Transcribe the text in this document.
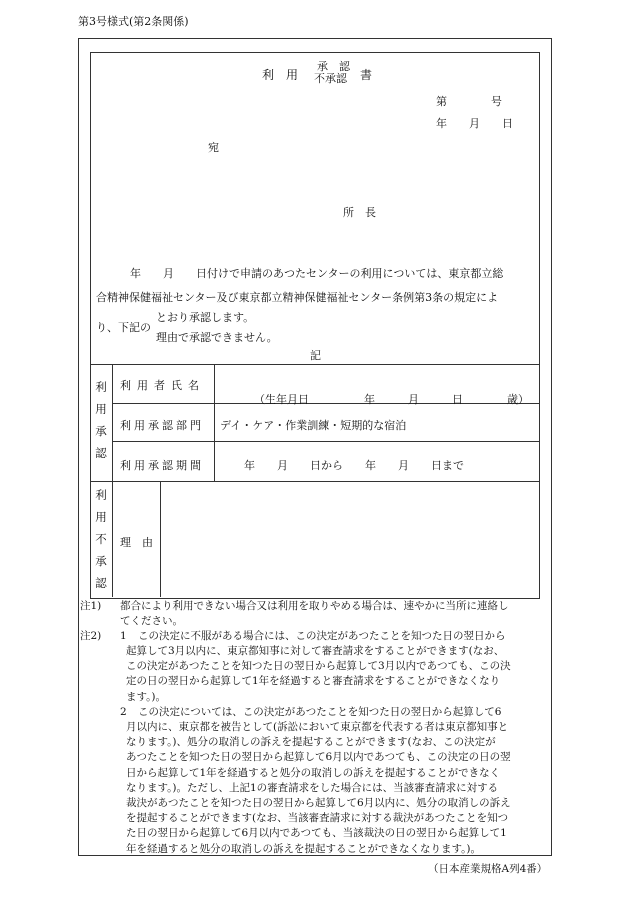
第3号様式(第2条関係)
利　用
承　認
不承認 書
第　　　　号
年　　月　　日
宛
所　長
年　　月　　日付けで申請のあつたセンターの利用については、東京都立総
合精神保健福祉センター及び東京都立精神保健福祉センター条例第3条の規定によ
り、下記の
とおり承認します。
理由で承認できません。
記
利
用
承
認
利用者氏名
（生年月日　　　　　年　　　月　　　日　　　　歳）
利用承認部門 デイ・ケア・作業訓練・短期的な宿泊
利用承認期間	年　　月　　日から　　年　　月　　日まで
利
用
不
承
認
理　由
注1) 都合により利用できない場合又は利用を取りやめる場合は、速やかに当所に連絡し
てください。
注2) 1 この決定に不服がある場合には、この決定があつたことを知つた日の翌日から
起算して3月以内に、東京都知事に対して審査請求をすることができます(なお、
この決定があつたことを知つた日の翌日から起算して3月以内であつても、この決
定の日の翌日から起算して1年を経過すると審査請求をすることができなくなり
ます。)。
2 この決定については、この決定があつたことを知つた日の翌日から起算して6
月以内に、東京都を被告として(訴訟において東京都を代表する者は東京都知事と
なります。)、処分の取消しの訴えを提起することができます(なお、この決定が
あつたことを知つた日の翌日から起算して6月以内であつても、この決定の日の翌
日から起算して1年を経過すると処分の取消しの訴えを提起することができなく
なります。)。ただし、上記1の審査請求をした場合には、当該審査請求に対する
裁決があつたことを知つた日の翌日から起算して6月以内に、処分の取消しの訴え
を提起することができます(なお、当該審査請求に対する裁決があつたことを知つ
た日の翌日から起算して6月以内であつても、当該裁決の日の翌日から起算して1
年を経過すると処分の取消しの訴えを提起することができなくなります。)。
（日本産業規格A列4番）
